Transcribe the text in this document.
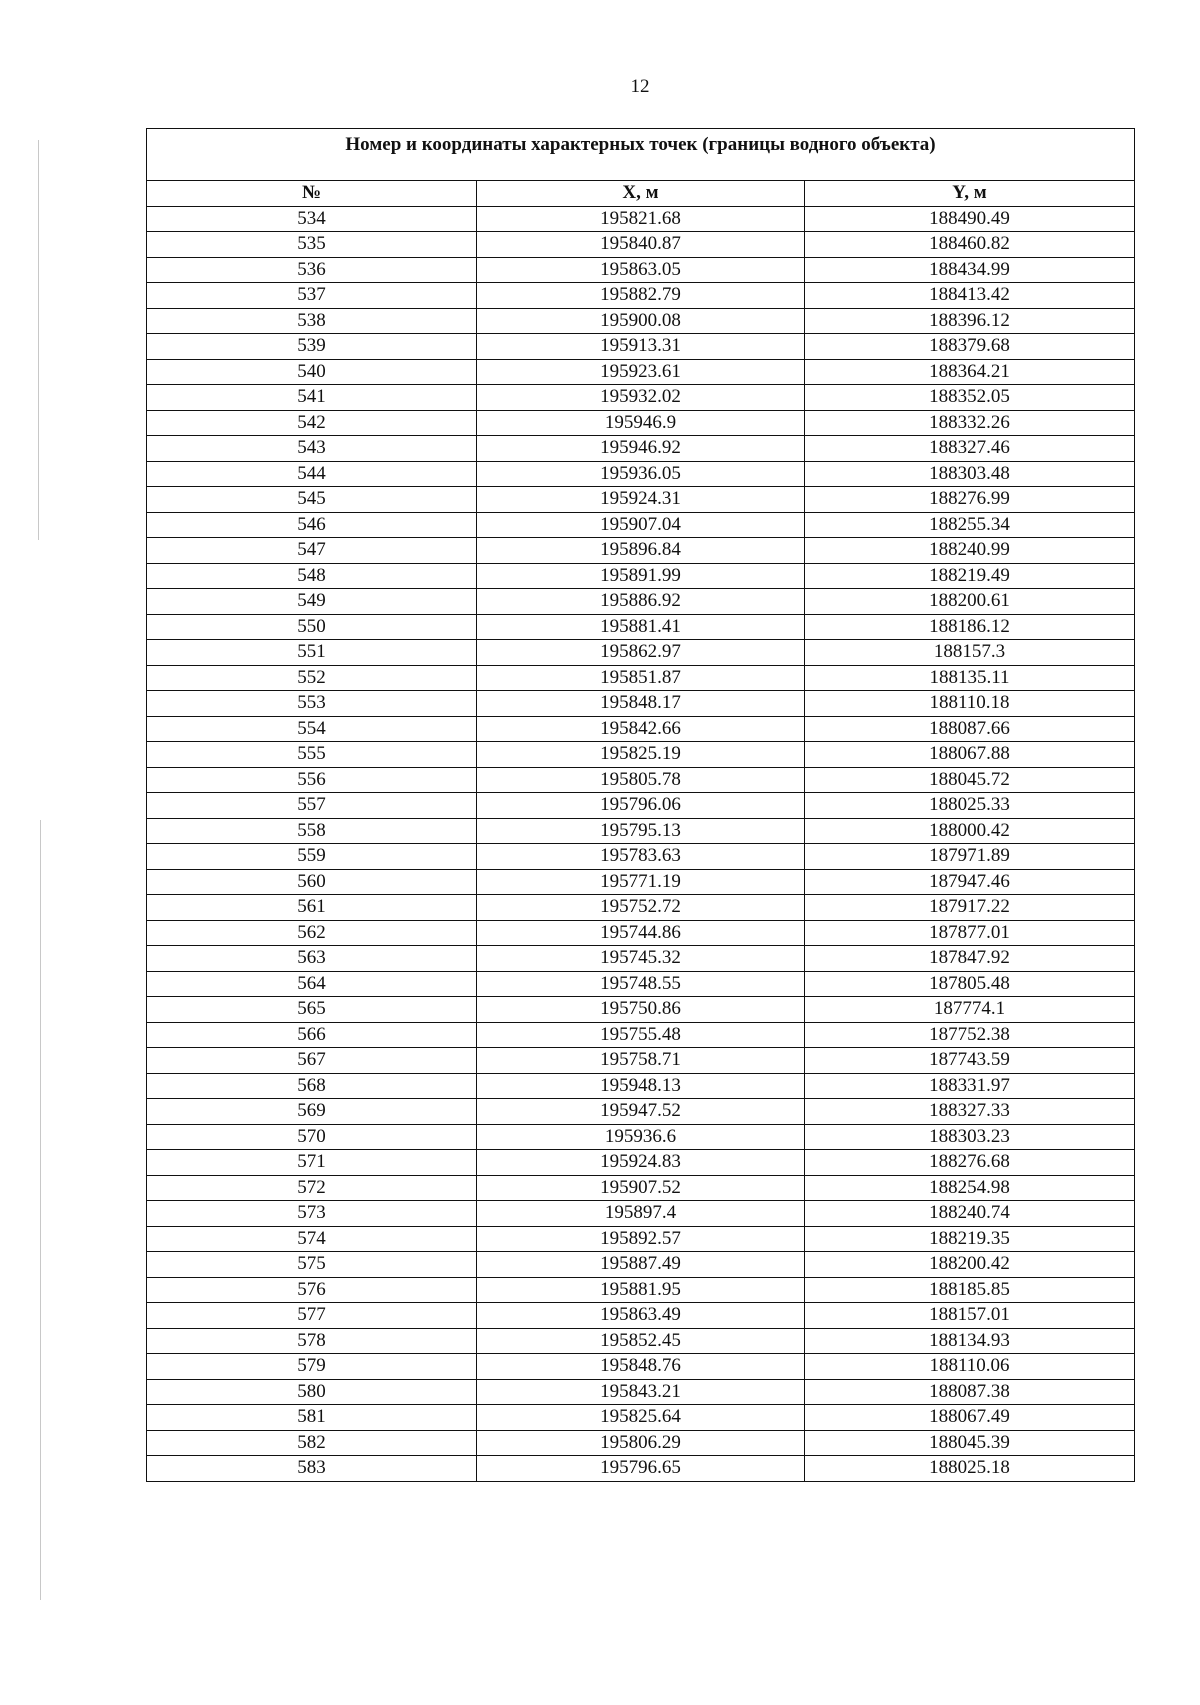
12
Номер и координаты характерных точек (границы водного объекта)		
№	X, м	Y, м
534	195821.68	188490.49
535	195840.87	188460.82
536	195863.05	188434.99
537	195882.79	188413.42
538	195900.08	188396.12
539	195913.31	188379.68
540	195923.61	188364.21
541	195932.02	188352.05
542	195946.9	188332.26
543	195946.92	188327.46
544	195936.05	188303.48
545	195924.31	188276.99
546	195907.04	188255.34
547	195896.84	188240.99
548	195891.99	188219.49
549	195886.92	188200.61
550	195881.41	188186.12
551	195862.97	188157.3
552	195851.87	188135.11
553	195848.17	188110.18
554	195842.66	188087.66
555	195825.19	188067.88
556	195805.78	188045.72
557	195796.06	188025.33
558	195795.13	188000.42
559	195783.63	187971.89
560	195771.19	187947.46
561	195752.72	187917.22
562	195744.86	187877.01
563	195745.32	187847.92
564	195748.55	187805.48
565	195750.86	187774.1
566	195755.48	187752.38
567	195758.71	187743.59
568	195948.13	188331.97
569	195947.52	188327.33
570	195936.6	188303.23
571	195924.83	188276.68
572	195907.52	188254.98
573	195897.4	188240.74
574	195892.57	188219.35
575	195887.49	188200.42
576	195881.95	188185.85
577	195863.49	188157.01
578	195852.45	188134.93
579	195848.76	188110.06
580	195843.21	188087.38
581	195825.64	188067.49
582	195806.29	188045.39
583	195796.65	188025.18
